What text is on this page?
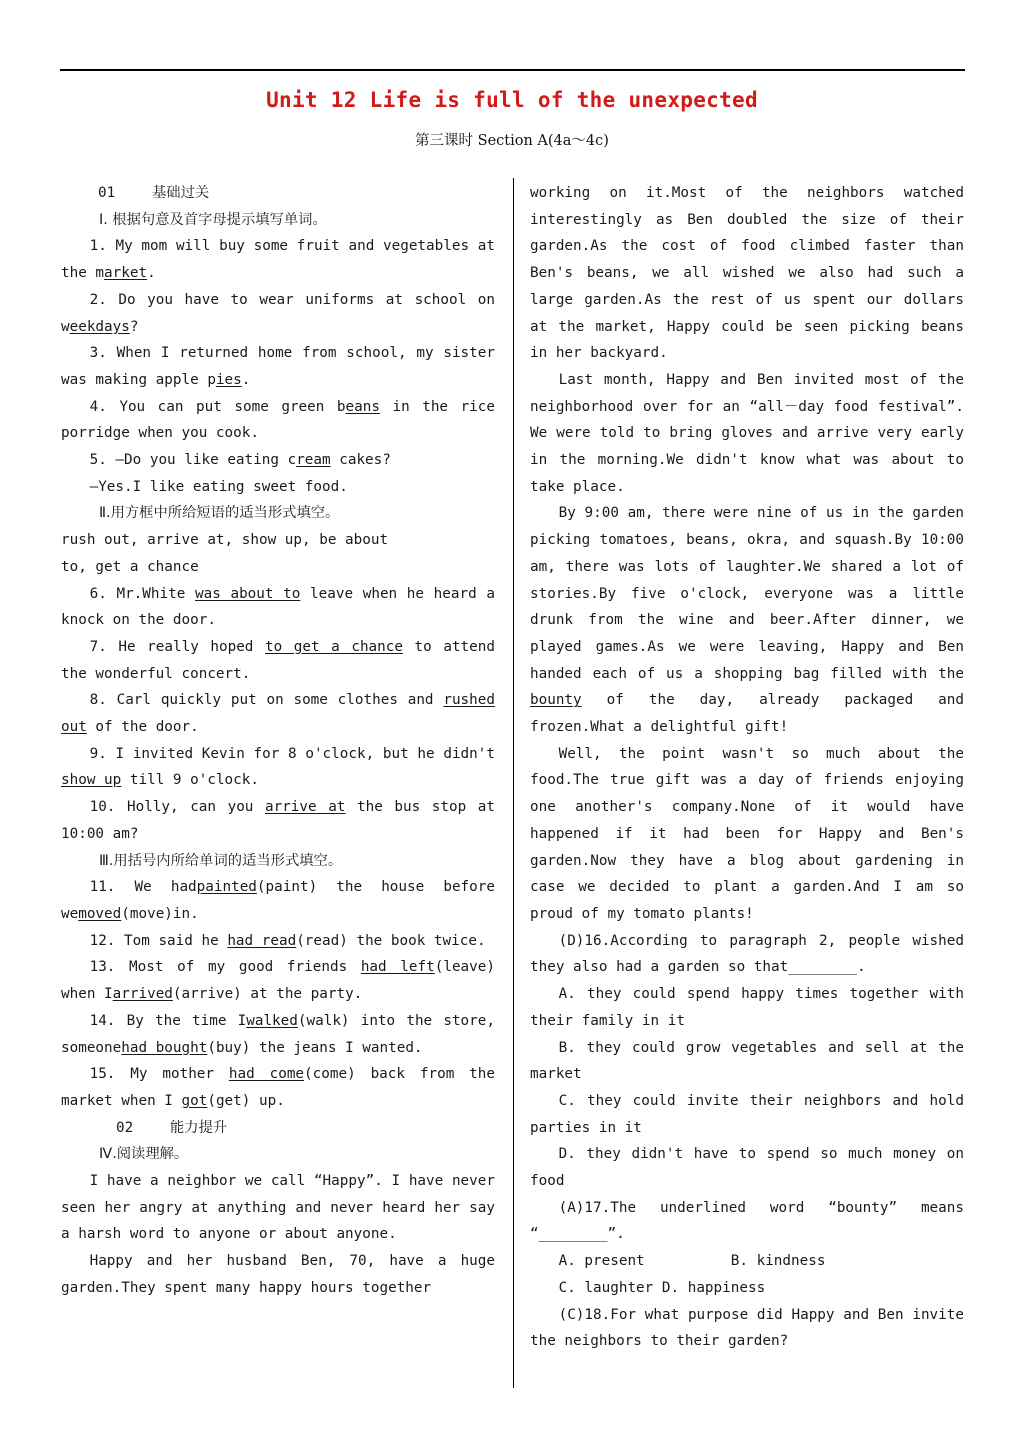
Unit 12 Life is full of the unexpected
第三课时 Section A(4a～4c)

01	基础过关

Ⅰ. 根据句意及首字母提示填写单词。

1. My mom will buy some fruit and vegetables at the market.

2. Do you have to wear uniforms at school on weekdays?

3. When I returned home from school, my sister was making apple pies.

4. You can put some green beans in the rice porridge when you cook.

5. —Do you like eating cream cakes?

—Yes.I like eating sweet food.

Ⅱ.用方框中所给短语的适当形式填空。

rush out, arrive at, show up, be about

to, get a chance

6. Mr.White was about to leave when he heard a knock on the door.

7. He really hoped to get a chance to attend the wonderful concert.

8. Carl quickly put on some clothes and rushed out of the door.

9. I invited Kevin for 8 o'clock, but he didn't show up till 9 o'clock.

10. Holly, can you arrive at the bus stop at 10:00 am?

Ⅲ.用括号内所给单词的适当形式填空。

11. We hadpainted(paint) the house before wemoved(move)in.

12. Tom said he had read(read) the book twice.

13. Most of my good friends had left(leave) when Iarrived(arrive) at the party.

14. By the time Iwalked(walk) into the store, someonehad bought(buy) the jeans I wanted.

15. My mother had come(come) back from the market when I got(get) up.

02	能力提升

Ⅳ.阅读理解。

I have a neighbor we call “Happy”. I have never seen her angry at anything and never heard her say a harsh word to anyone or about anyone.

Happy and her husband Ben, 70, have a huge garden.They spent many happy hours together

working on it.Most of the neighbors watched interestingly as Ben doubled the size of their garden.As the cost of food climbed faster than Ben's beans, we all wished we also had such a large garden.As the rest of us spent our dollars at the market, Happy could be seen picking beans in her backyard.

Last month, Happy and Ben invited most of the neighborhood over for an “all－day food festival”. We were told to bring gloves and arrive very early in the morning.We didn't know what was about to take place.

By 9:00 am, there were nine of us in the garden picking tomatoes, beans, okra, and squash.By 10:00 am, there was lots of laughter.We shared a lot of stories.By five o'clock, everyone was a little drunk from the wine and beer.After dinner, we played games.As we were leaving, Happy and Ben handed each of us a shopping bag filled with the bounty of the day, already packaged and frozen.What a delightful gift!

Well, the point wasn't so much about the food.The true gift was a day of friends enjoying one another's company.None of it would have happened if it had been for Happy and Ben's garden.Now they have a blog about gardening in case we decided to plant a garden.And I am so proud of my tomato plants!

(D)16.According to paragraph 2, people wished they also had a garden so that________.

A. they could spend happy times together with their family in it

B. they could grow vegetables and sell at the market

C. they could invite their neighbors and hold parties in it

D. they didn't have to spend so much money on food

(A)17.The underlined word “bounty” means “________”.

A. present          B. kindness

C. laughter D. happiness

(C)18.For what purpose did Happy and Ben invite the neighbors to their garden?
